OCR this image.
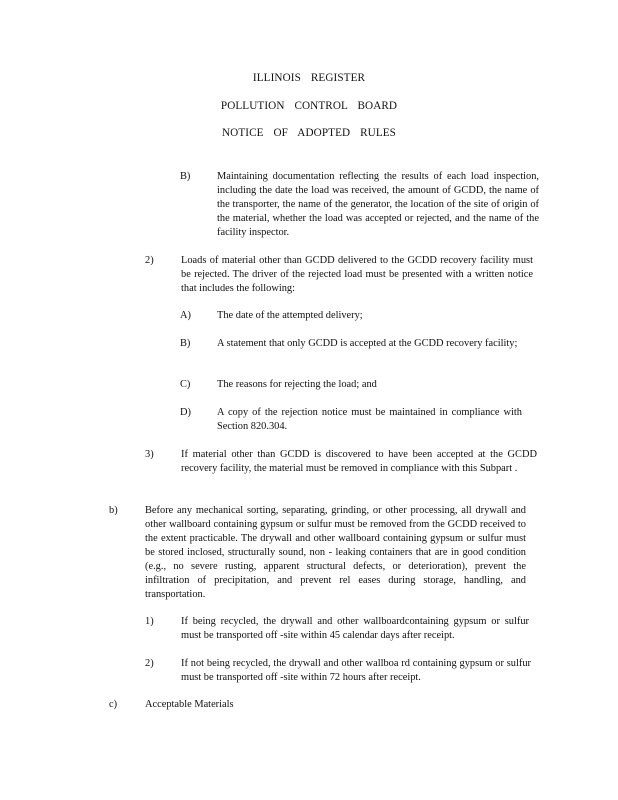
ILLINOIS REGISTER
POLLUTION CONTROL BOARD
NOTICE OF ADOPTED RULES
B)	Maintaining documentation reflecting the results of each load inspection, including the date the load was received, the amount of GCDD, the name of the transporter, the name of the generator, the location of the site of origin of the material, whether the load was accepted or rejected, and the name of the facility inspector.
2)	Loads of material other than GCDD delivered to the GCDD recovery facility must be rejected. The driver of the rejected load must be presented with a written notice that includes the following:
A)	The date of the attempted delivery;
B)	A statement that only GCDD is accepted at the GCDD recovery facility;
C)	The reasons for rejecting the load; and
D)	A copy of the rejection notice must be maintained in compliance with Section 820.304.
3)	If material other than GCDD is discovered to have been accepted at the GCDD recovery facility, the material must be removed in compliance with this Subpart .
b)	Before any mechanical sorting, separating, grinding, or other processing, all drywall and other wallboard containing gypsum or sulfur must be removed from the GCDD received to the extent practicable. The drywall and other wallboard containing gypsum or sulfur must be stored inclosed, structurally sound, non - leaking containers that are in good condition (e.g., no severe rusting, apparent structural defects, or deterioration), prevent the infiltration of precipitation, and prevent rel eases during storage, handling, and transportation.
1)	If being recycled, the drywall and other wallboardcontaining gypsum or sulfur must be transported off -site within 45 calendar days after receipt.
2)	If not being recycled, the drywall and other wallboa rd containing gypsum or sulfur must be transported off -site within 72 hours after receipt.
c)	Acceptable Materials
